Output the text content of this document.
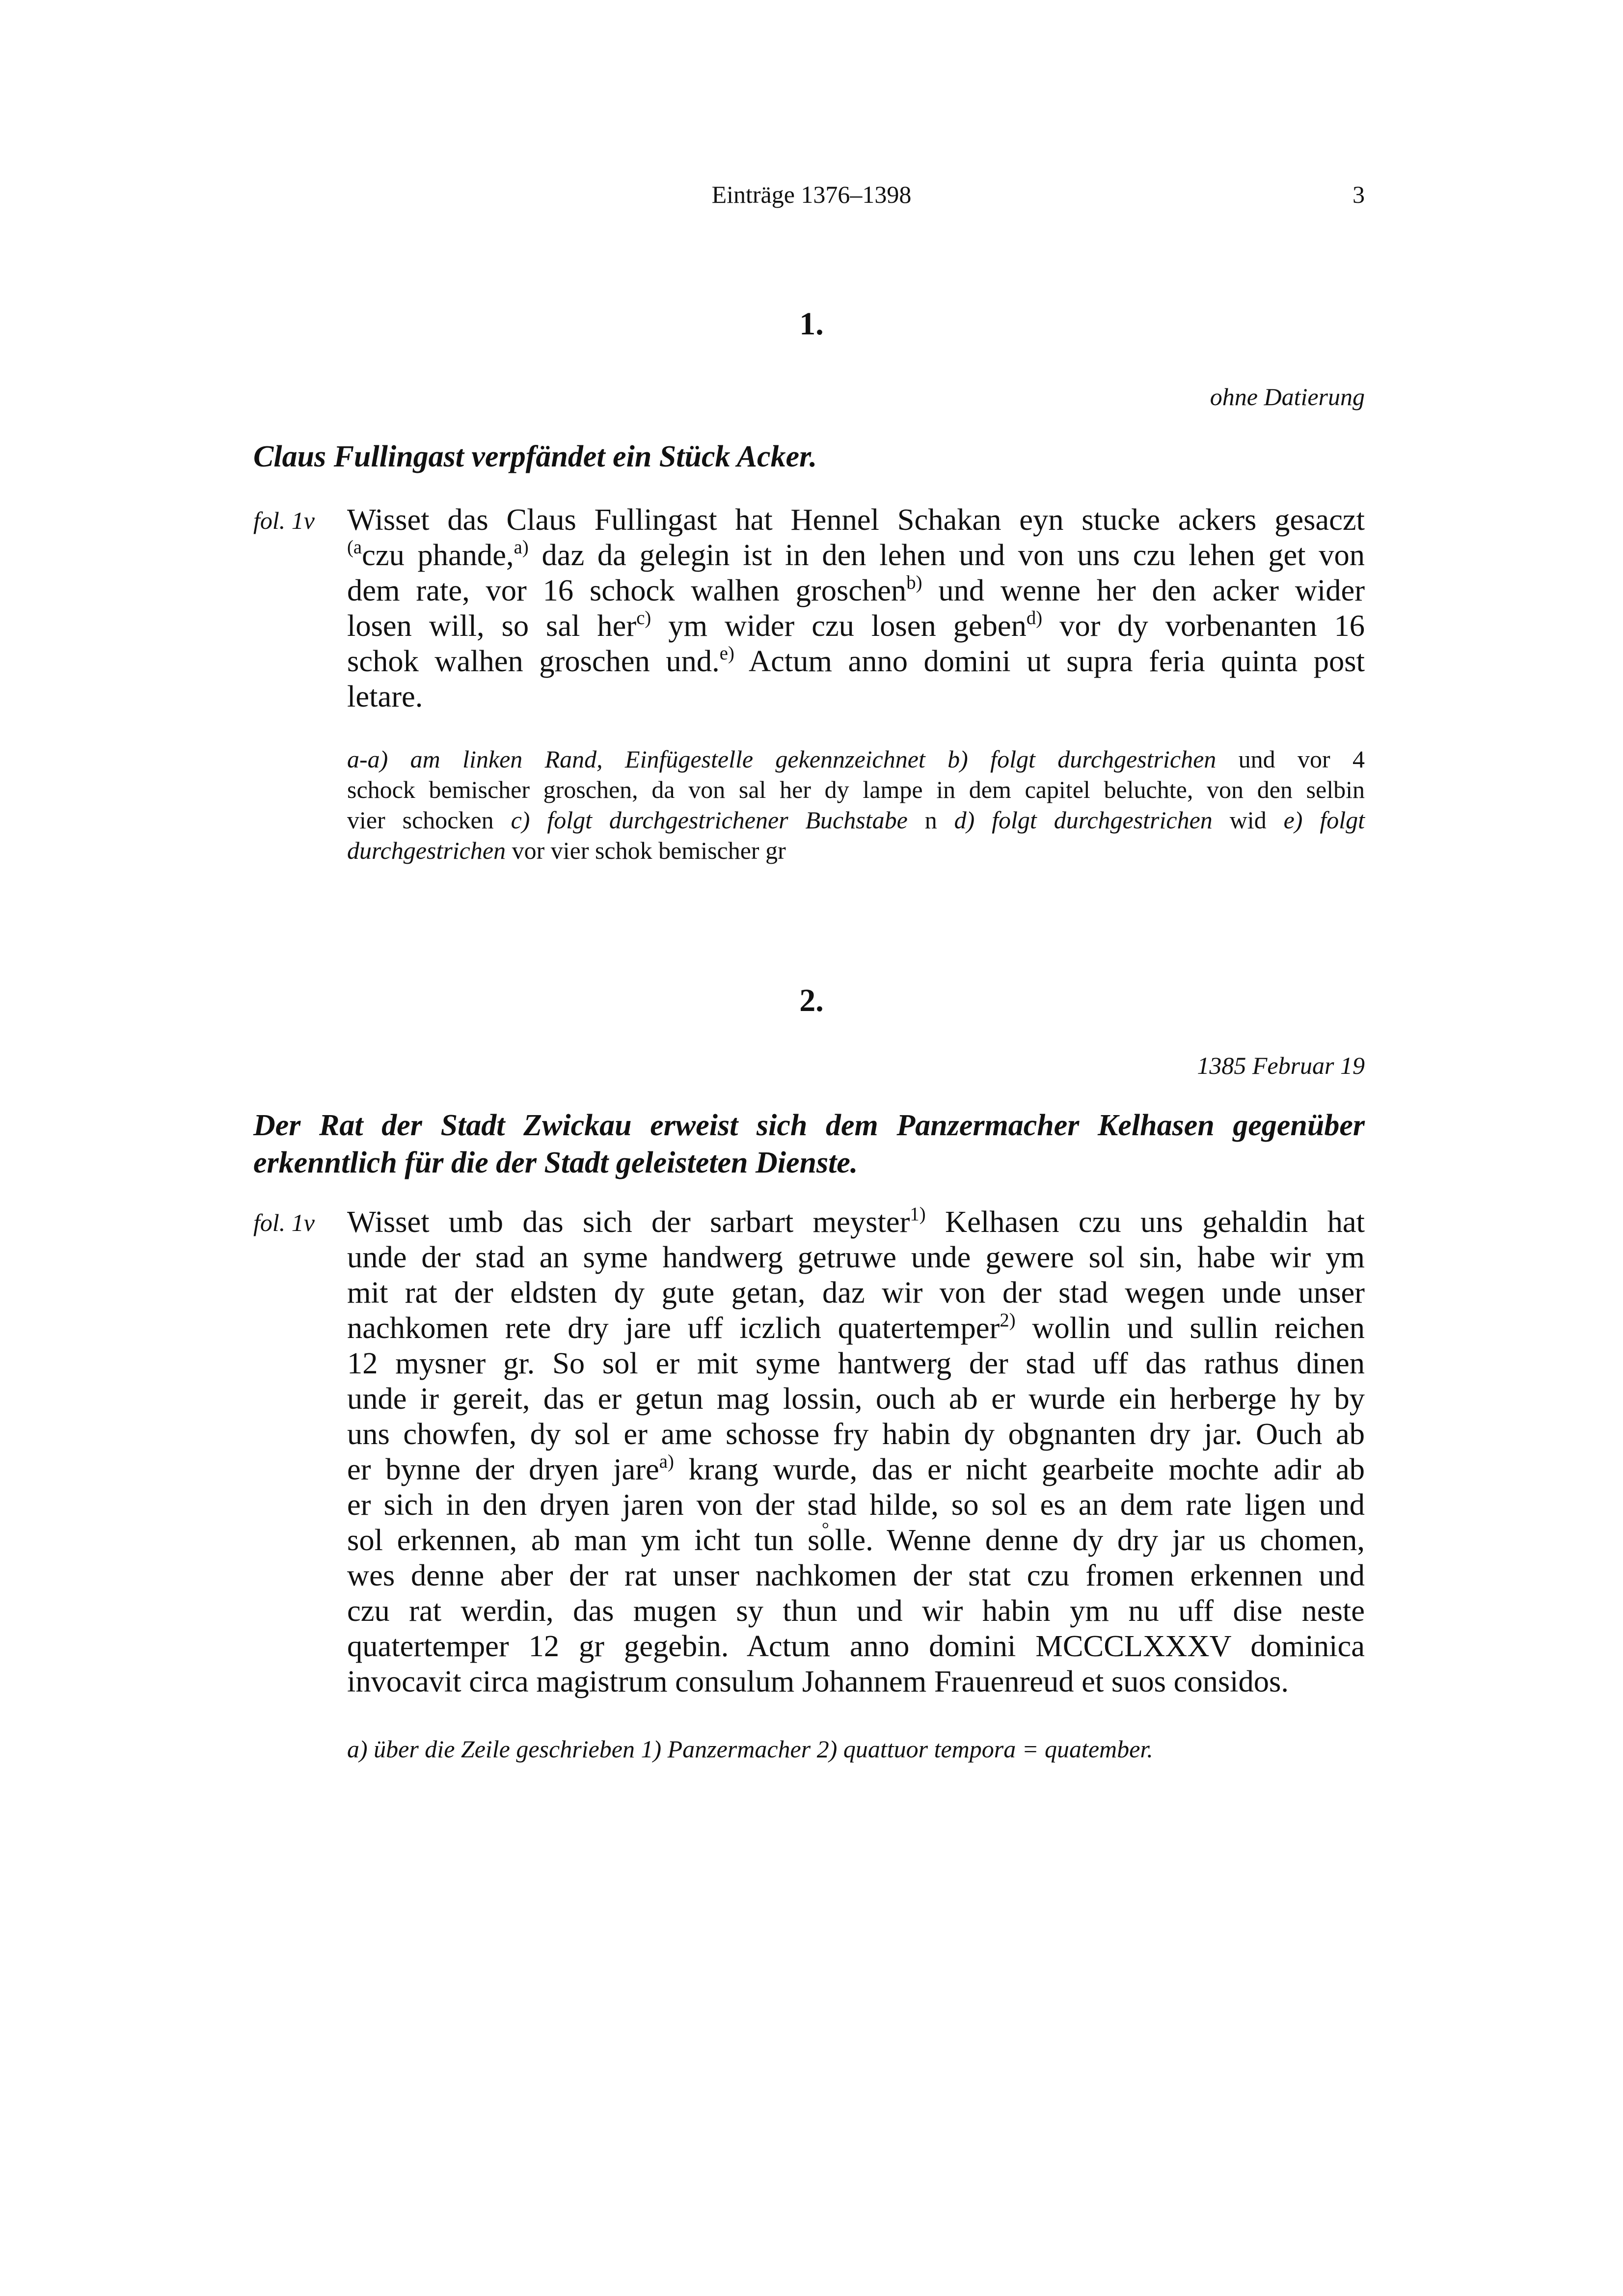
Einträge 1376–1398	3
1.
ohne Datierung
Claus Fullingast verpfändet ein Stück Acker.
fol. 1v	Wisset das Claus Fullingast hat Hennel Schakan eyn stucke ackers gesaczt
$^{(a}$czu phande,$^{a)}$ daz da gelegin ist in den lehen und von uns czu lehen get von
dem rate, vor 16 schock walhen groschen$^{b)}$ und wenne her den acker wider
losen will, so sal her$^{c)}$ ym wider czu losen geben$^{d)}$ vor dy vorbenanten 16
schok walhen groschen und.$^{e)}$ Actum anno domini ut supra feria quinta post
letare.
a-a) am linken Rand, Einfügestelle gekennzeichnet b) folgt durchgestrichen und vor 4
schock bemischer groschen, da von sal her dy lampe in dem capitel beluchte, von den selbin
vier schocken c) folgt durchgestrichener Buchstabe n d) folgt durchgestrichen wid e) folgt
durchgestrichen vor vier schok bemischer gr
2.
1385 Februar 19
Der Rat der Stadt Zwickau erweist sich dem Panzermacher Kelhasen gegenüber
erkenntlich für die der Stadt geleisteten Dienste.
fol. 1v	Wisset umb das sich der sarbart meyster$^{1)}$ Kelhasen czu uns gehaldin hat
unde der stad an syme handwerg getruwe unde gewere sol sin, habe wir ym
mit rat der eldsten dy gute getan, daz wir von der stad wegen unde unser
nachkomen rete dry jare uff iczlich quatertemper$^{2)}$ wollin und sullin reichen
12 mysner gr. So sol er mit syme hantwerg der stad uff das rathus dinen
unde ir gereit, das er getun mag lossin, ouch ab er wurde ein herberge hy by
uns chowfen, dy sol er ame schosse fry habin dy obgnanten dry jar. Ouch ab
er bynne der dryen jare$^{a)}$ krang wurde, das er nicht gearbeite mochte adir ab
er sich in den dryen jaren von der stad hilde, so sol es an dem rate ligen und
sol erkennen, ab man ym icht tun s° olle. Wenne denne dy dry jar us chomen,
wes denne aber der rat unser nachkomen der stat czu fromen erkennen und
czu rat werdin, das mugen sy thun und wir habin ym nu uff dise neste
quatertemper 12 gr gegebin. Actum anno domini MCCCLXXXV dominica
invocavit circa magistrum consulum Johannem Frauenreud et suos considos.
a) über die Zeile geschrieben 1) Panzermacher 2) quattuor tempora = quatember.
